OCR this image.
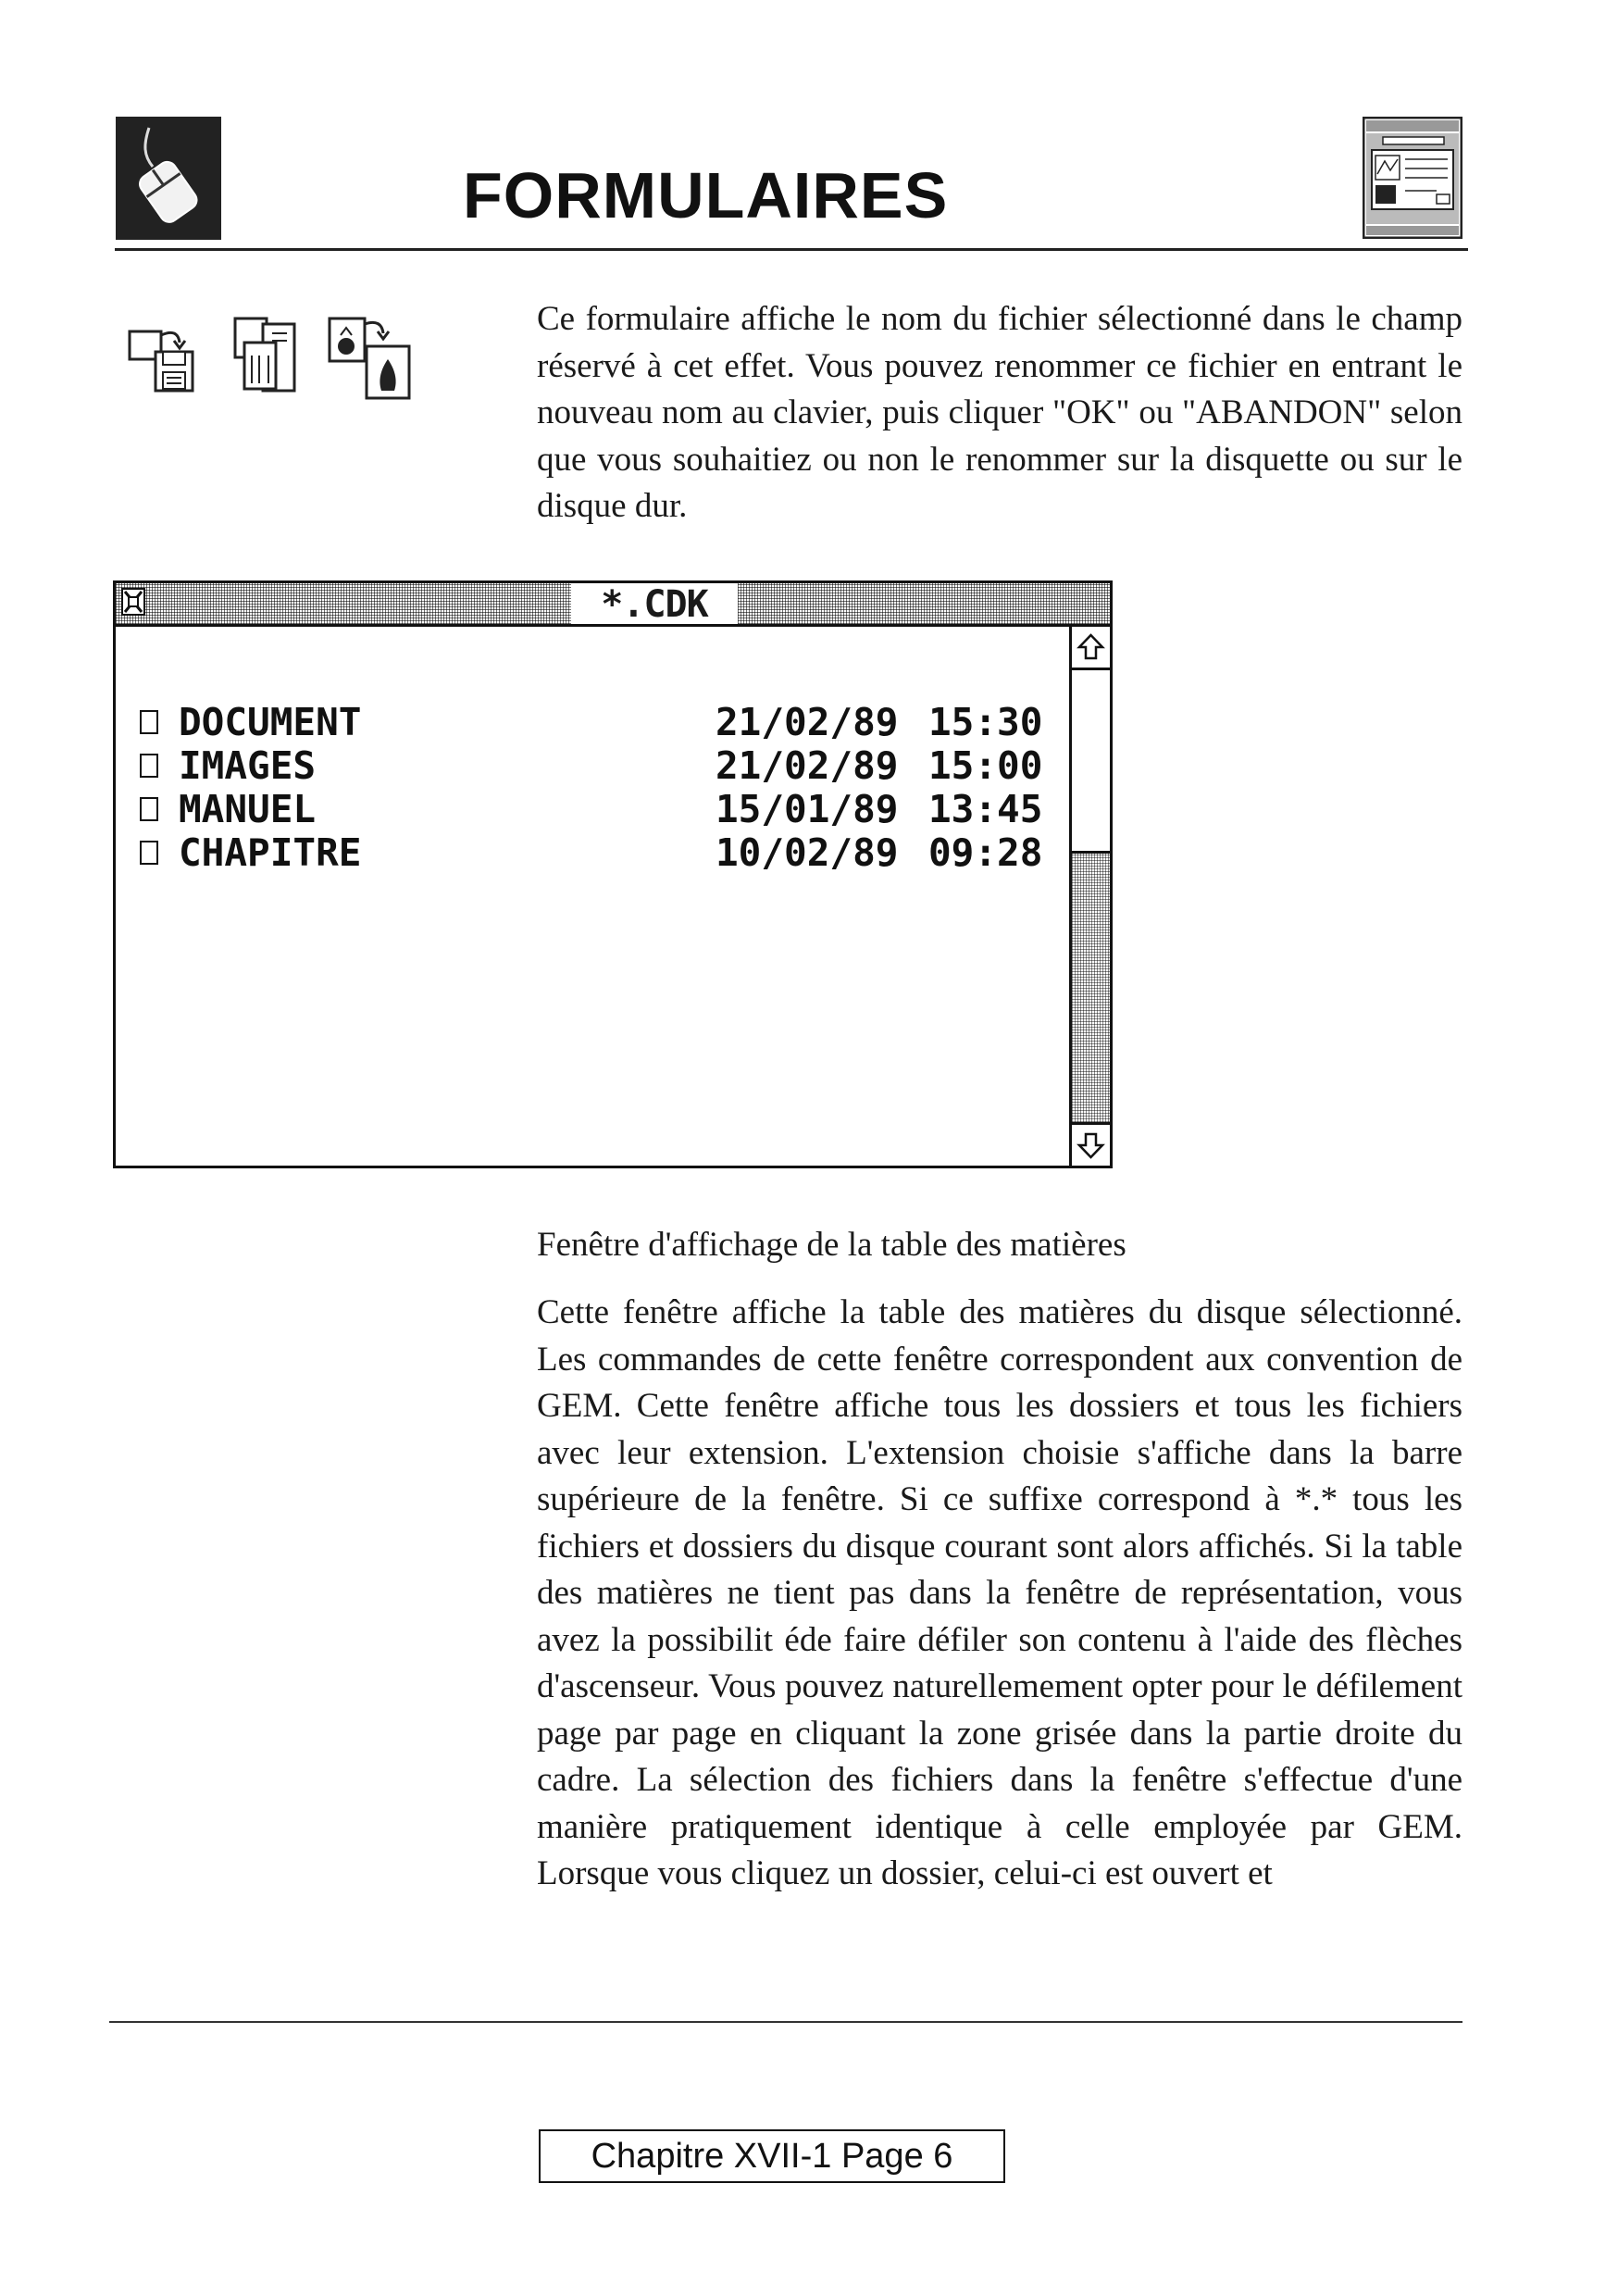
FORMULAIRES

Ce formulaire affiche le nom du fichier sélectionné dans le champ réservé à cet effet. Vous pouvez renommer ce fichier en entrant le nouveau nom au clavier, puis cliquer "OK" ou "ABANDON" selon que vous souhaitiez ou non le renommer sur la disquette ou sur le disque dur.

*.CDK
DOCUMENT	21/02/89 15:30
IMAGES	21/02/89 15:00
MANUEL	15/01/89 13:45
CHAPITRE	10/02/89 09:28
Fenêtre d'affichage de la table des matières

Cette fenêtre affiche la table des matières du disque sélectionné. Les commandes de cette fenêtre correspondent aux convention de GEM. Cette fenêtre affiche tous les dossiers et tous les fichiers avec leur extension. L'extension choisie s'affiche dans la barre supérieure de la fenêtre. Si ce suffixe correspond à *.* tous les fichiers et dossiers du disque courant sont alors affichés. Si la table des matières ne tient pas dans la fenêtre de représentation, vous avez la possibilit éde faire défiler son contenu à l'aide des flèches d'ascenseur. Vous pouvez naturellemement opter pour le défilement page par page en cliquant la zone grisée dans la partie droite du cadre. La sélection des fichiers dans la fenêtre s'effectue d'une manière pratiquement identique à celle employée par GEM. Lorsque vous cliquez un dossier, celui-ci est ouvert et

Chapitre XVII-1 Page 6
